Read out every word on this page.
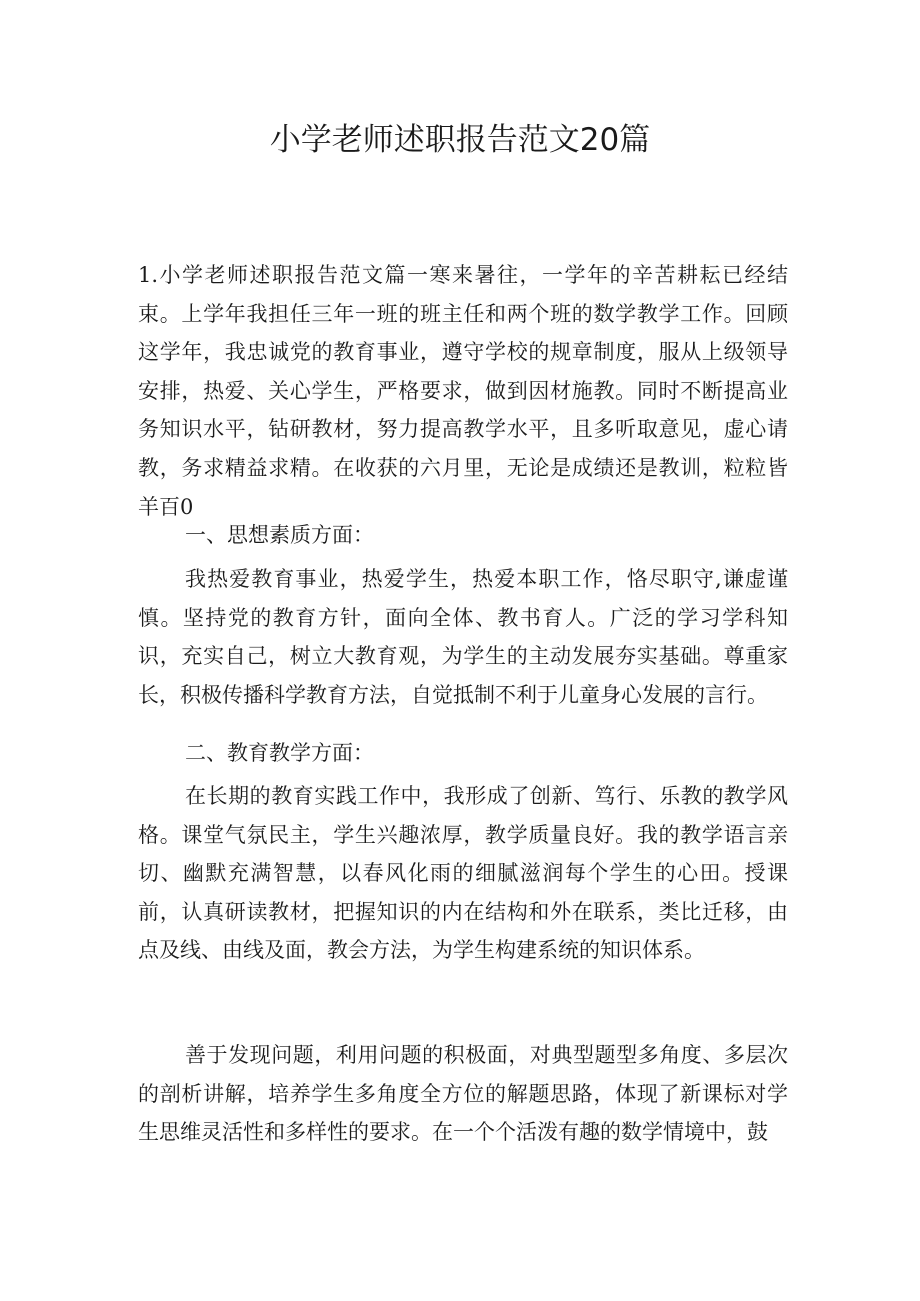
小学老师述职报告范文20篇

1.小学老师述职报告范文篇一寒来暑往，一学年的辛苦耕耘已经结束。上学年我担任三年一班的班主任和两个班的数学教学工作。回顾这学年，我忠诚党的教育事业，遵守学校的规章制度，服从上级领导安排，热爱、关心学生，严格要求，做到因材施教。同时不断提高业务知识水平，钻研教材，努力提高教学水平，且多听取意见，虚心请教，务求精益求精。在收获的六月里，无论是成绩还是教训，粒粒皆羊百0

一、思想素质方面：

我热爱教育事业，热爱学生，热爱本职工作，恪尽职守,谦虚谨慎。坚持党的教育方针，面向全体、教书育人。广泛的学习学科知识，充实自己，树立大教育观，为学生的主动发展夯实基础。尊重家长，积极传播科学教育方法，自觉抵制不利于儿童身心发展的言行。

二、教育教学方面：

在长期的教育实践工作中，我形成了创新、笃行、乐教的教学风格。课堂气氛民主，学生兴趣浓厚，教学质量良好。我的教学语言亲切、幽默充满智慧，以春风化雨的细腻滋润每个学生的心田。授课前，认真研读教材，把握知识的内在结构和外在联系，类比迁移，由点及线、由线及面，教会方法，为学生构建系统的知识体系。

善于发现问题，利用问题的积极面，对典型题型多角度、多层次的剖析讲解，培养学生多角度全方位的解题思路，体现了新课标对学生思维灵活性和多样性的要求。在一个个活泼有趣的数学情境中，鼓
